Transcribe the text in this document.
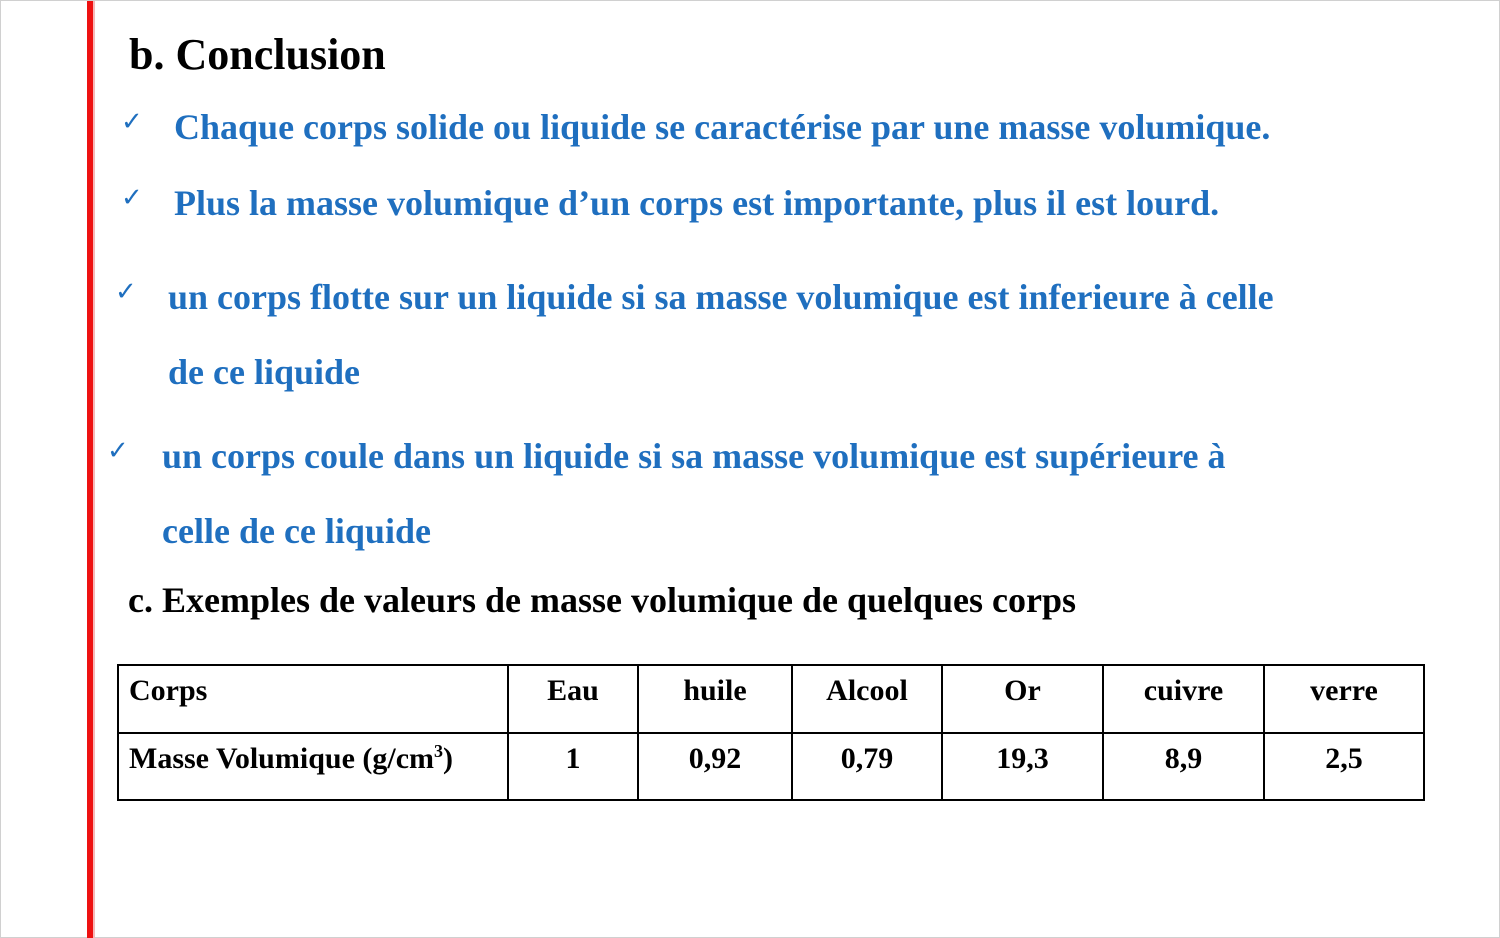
b. Conclusion
✓ Chaque corps solide ou liquide se caractérise par une masse volumique.
✓ Plus la masse volumique d’un corps est importante, plus il est lourd.
✓ un corps flotte sur un liquide si sa masse volumique est inferieure à celle
de ce liquide
✓ un corps coule dans un liquide si sa masse volumique est supérieure à
celle de ce liquide
c. Exemples de valeurs de masse volumique de quelques corps
Corps	Eau	huile	Alcool	Or	cuivre	verre
Masse Volumique $(g/cm^3)$	1	0,92	0,79	19,3	8,9	2,5
